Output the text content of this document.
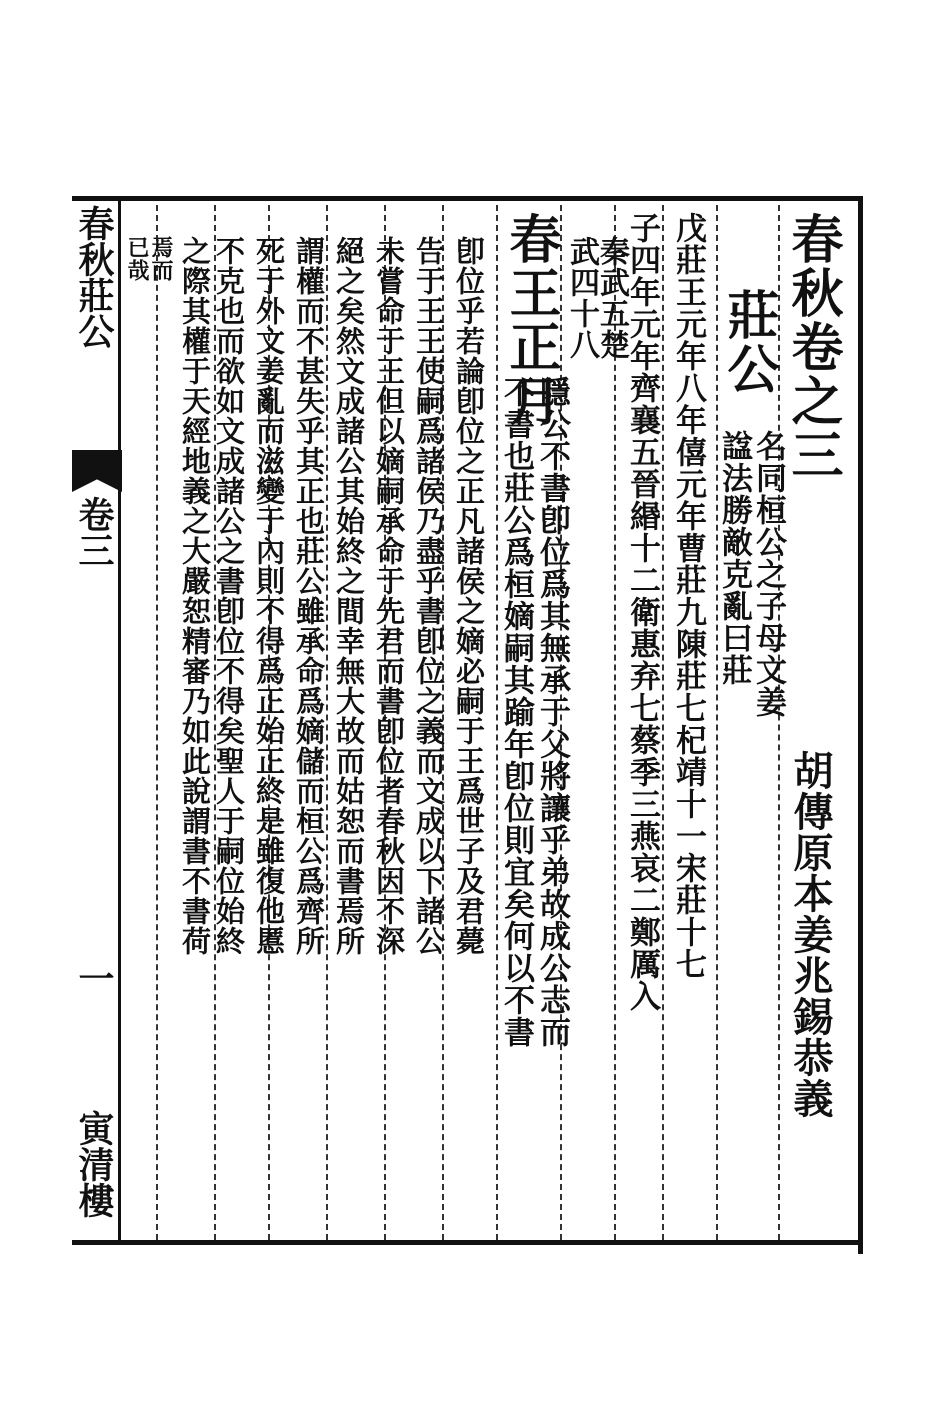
春秋卷之三
胡傳原本姜兆錫恭義
莊公
名同桓公之子母文姜
諡法勝敵克亂曰莊
戊莊王元年八年僖元年曹莊九陳莊七杞靖十一宋莊十七
子四年元年齊襄五晉緡十二衛惠弃七蔡季三燕哀二鄭厲入
秦武五楚
武四十八
春王正月
不書也莊公爲桓嫡嗣其踰年卽位則宜矣何以不書 隱公不書卽位爲其無承于父將讓乎弟故成公志而
卽位乎若論卽位之正凡諸侯之嫡必嗣于王爲世子及君薨
告于王王使嗣爲諸侯乃盡乎書卽位之義而文成以下諸公
未嘗命于王但以嫡嗣承命于先君而書卽位者春秋因不深
絕之矣然文成諸公其始終之間幸無大故而姑恕而書焉所
謂權而不甚失乎其正也莊公雖承命爲嫡儲而桓公爲齊所
死于外文姜亂而滋變于內則不得爲正始正終是雖復他慝
不克也而欲如文成諸公之書卽位不得矣聖人于嗣位始終
之際其權于天經地義之大嚴恕精審乃如此說謂書不書荷
焉而
已哉
春秋莊公
卷三
一
寅清樓
